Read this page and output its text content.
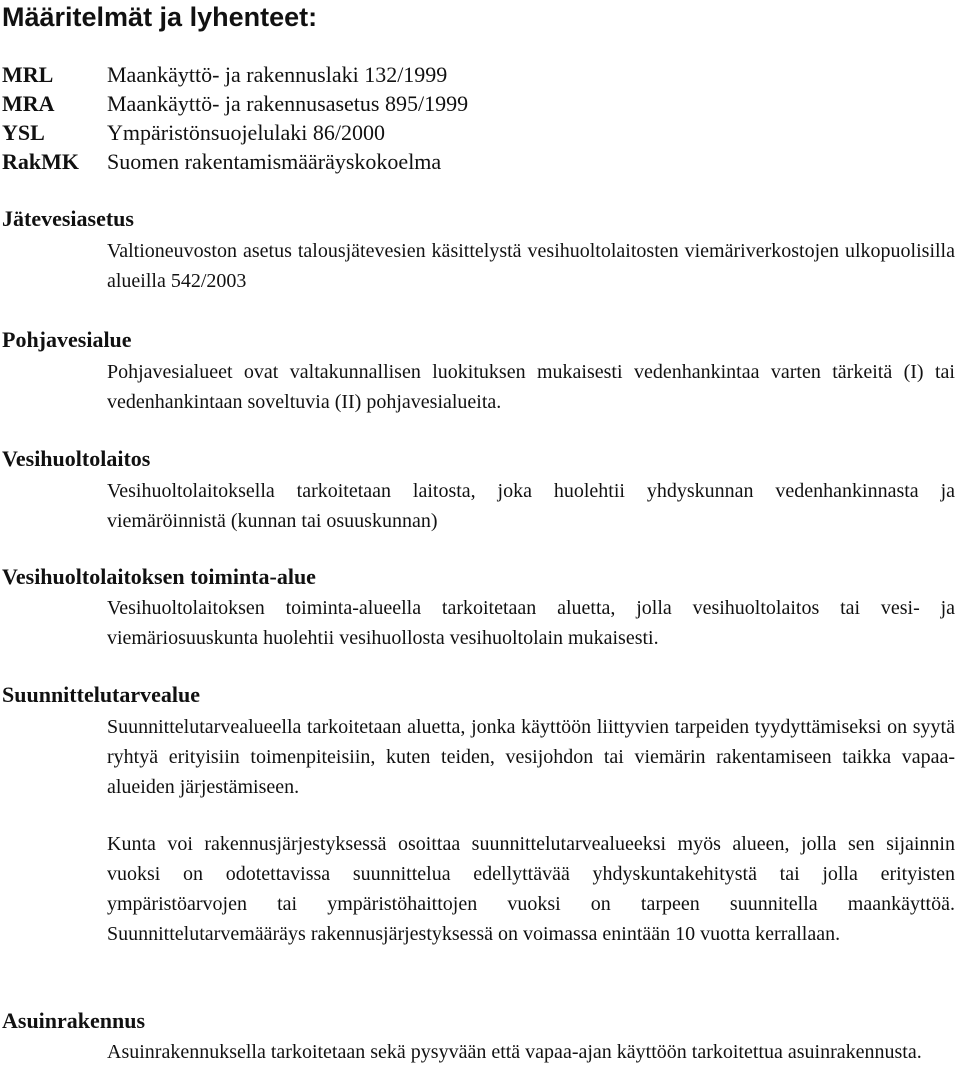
Määritelmät ja lyhenteet:
MRL Maankäyttö- ja rakennuslaki 132/1999
MRA Maankäyttö- ja rakennusasetus 895/1999
YSL	Ympäristönsuojelulaki 86/2000
RakMK Suomen rakentamismääräyskokoelma
Jätevesiasetus

Valtioneuvoston asetus talousjätevesien käsittelystä vesihuoltolaitosten viemäriverkostojen ulkopuolisilla alueilla 542/2003

Pohjavesialue

Pohjavesialueet ovat valtakunnallisen luokituksen mukaisesti vedenhankintaa varten tärkeitä (I) tai vedenhankintaan soveltuvia (II) pohjavesialueita.

Vesihuoltolaitos

Vesihuoltolaitoksella tarkoitetaan laitosta, joka huolehtii yhdyskunnan vedenhankinnasta ja viemäröinnistä (kunnan tai osuuskunnan)

Vesihuoltolaitoksen toiminta-alue

Vesihuoltolaitoksen toiminta-alueella tarkoitetaan aluetta, jolla vesihuoltolaitos tai vesi- ja viemäriosuuskunta huolehtii vesihuollosta vesihuoltolain mukaisesti.

Suunnittelutarvealue

Suunnittelutarvealueella tarkoitetaan aluetta, jonka käyttöön liittyvien tarpeiden tyydyttämiseksi on syytä ryhtyä erityisiin toimenpiteisiin, kuten teiden, vesijohdon tai viemärin rakentamiseen taikka vapaa-alueiden järjestämiseen.

Kunta voi rakennusjärjestyksessä osoittaa suunnittelutarvealueeksi myös alueen, jolla sen sijainnin vuoksi on odotettavissa suunnittelua edellyttävää yhdyskuntakehitystä tai jolla erityisten ympäristöarvojen tai ympäristöhaittojen vuoksi on tarpeen suunnitella maankäyttöä. Suunnittelutarvemääräys rakennusjärjestyksessä on voimassa enintään 10 vuotta kerrallaan.

Asuinrakennus

Asuinrakennuksella tarkoitetaan sekä pysyvään että vapaa-ajan käyttöön tarkoitettua asuinrakennusta.
